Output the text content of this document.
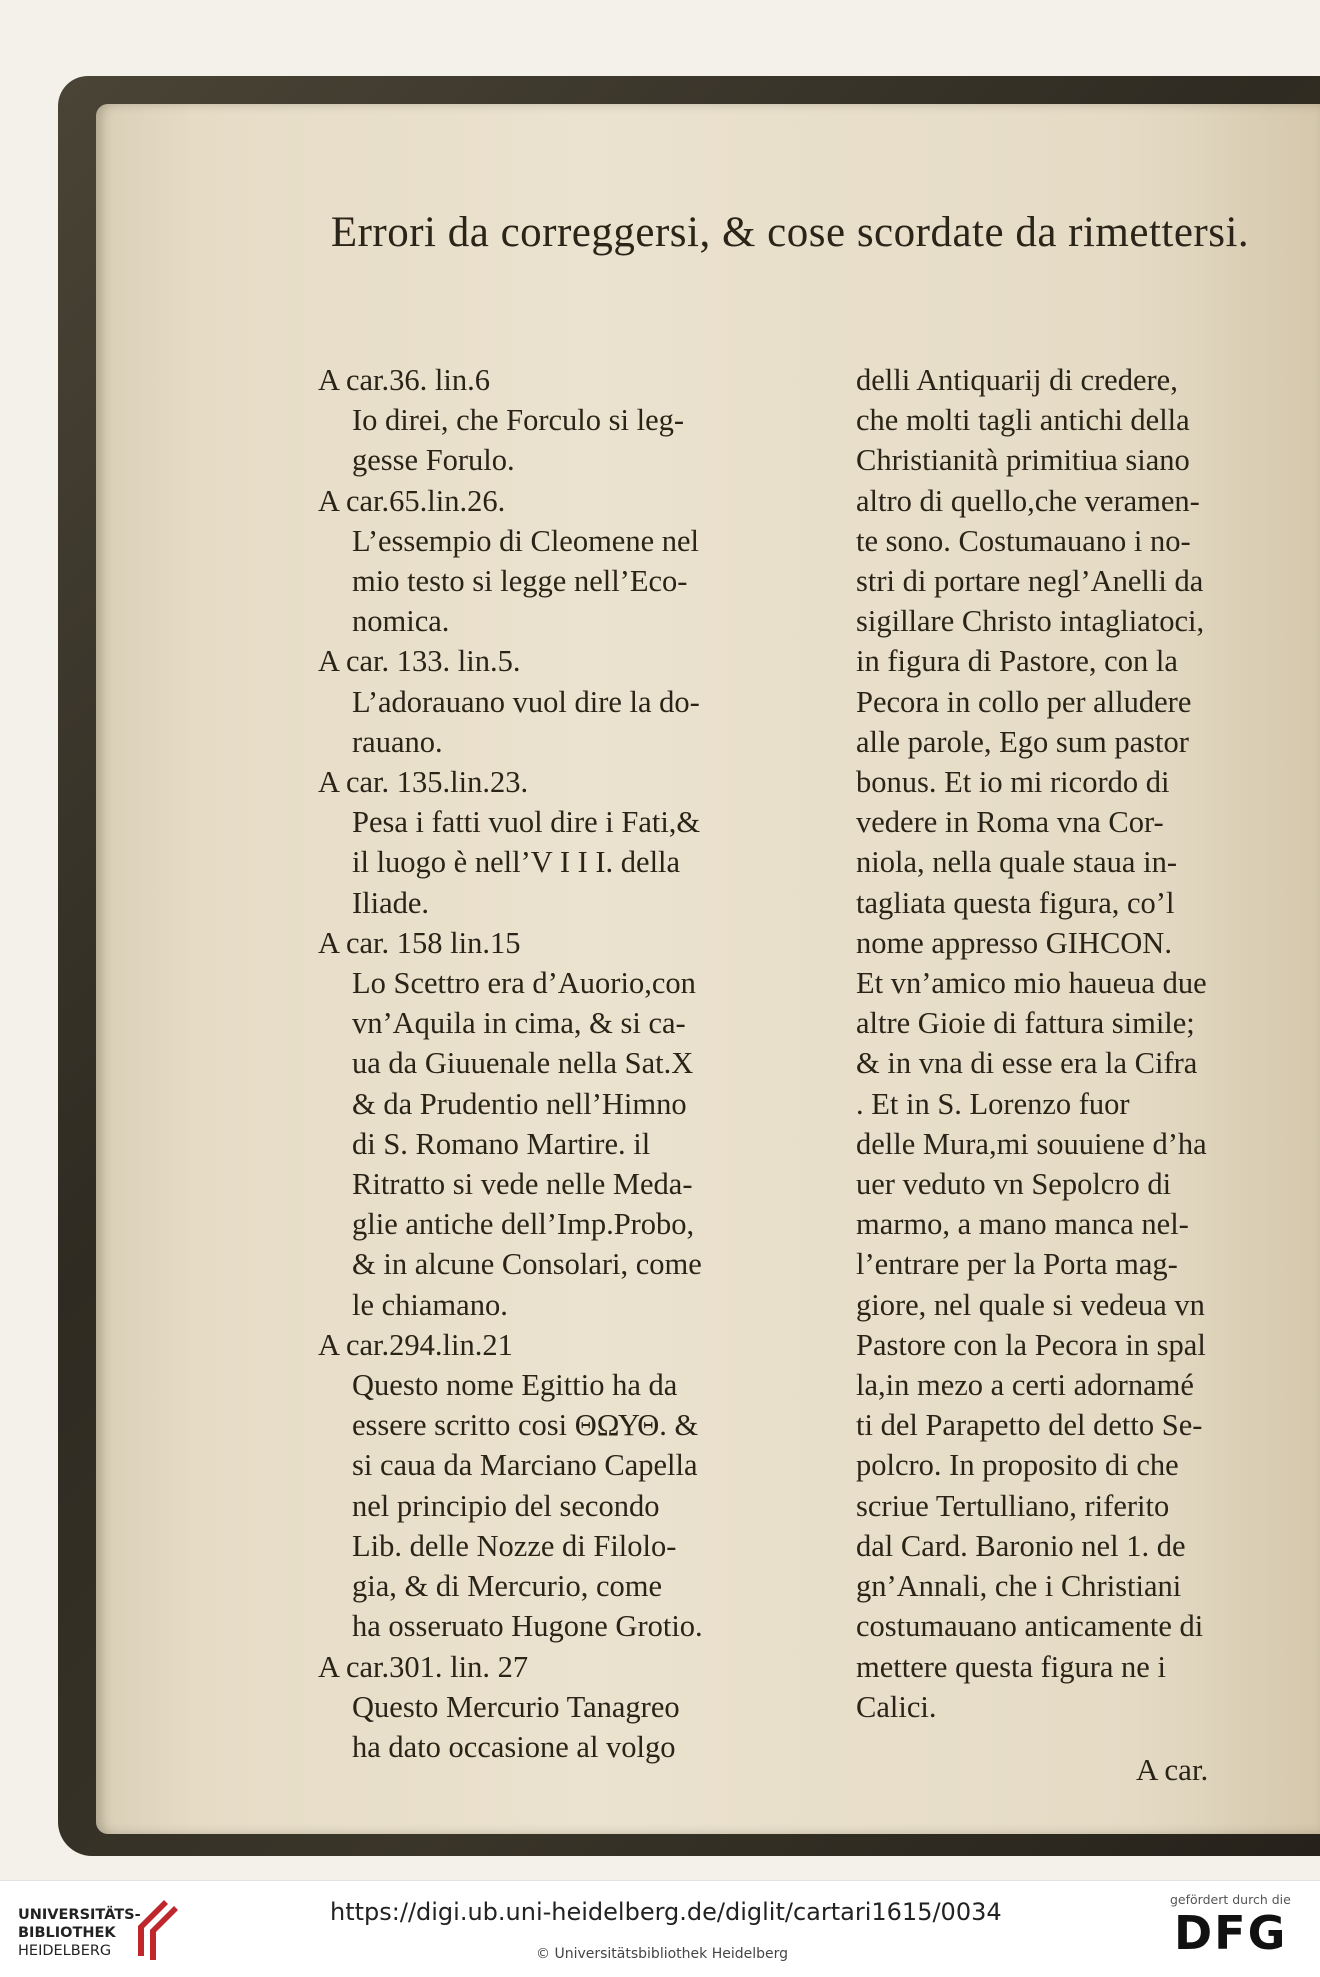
Errori da correggersi, & cose scordate da rimettersi.
A car.36. lin.6
Io direi, che Forculo si leg-
gesse Forulo.
A car.65.lin.26.
L’essempio di Cleomene nel
mio testo si legge nell’Eco-
nomica.
A car. 133. lin.5.
L’adorauano vuol dire la do-
rauano.
A car. 135.lin.23.
Pesa i fatti vuol dire i Fati,&
il luogo è nell’V I I I. della
Iliade.
A car. 158 lin.15
Lo Scettro era d’Auorio,con
vn’Aquila in cima, & si ca-
ua da Giuuenale nella Sat.X
& da Prudentio nell’Himno
di S. Romano Martire. il
Ritratto si vede nelle Meda-
glie antiche dell’Imp.Probo,
& in alcune Consolari, come
le chiamano.
A car.294.lin.21
Questo nome Egittio ha da
essere scritto cosi ΘΩΥΘ. &
si caua da Marciano Capella
nel principio del secondo
Lib. delle Nozze di Filolo-
gia, & di Mercurio, come
ha osseruato Hugone Grotio.
A car.301. lin. 27
Questo Mercurio Tanagreo
ha dato occasione al volgo
delli Antiquarij di credere,
che molti tagli antichi della
Christianità primitiua siano
altro di quello,che veramen-
te sono. Costumauano i no-
stri di portare negl’Anelli da
sigillare Christo intagliatoci,
in figura di Pastore, con la
Pecora in collo per alludere
alle parole, Ego sum pastor
bonus. Et io mi ricordo di
vedere in Roma vna Cor-
niola, nella quale staua in-
tagliata questa figura, co’l
nome appresso GIHCON.
Et vn’amico mio haueua due
altre Gioie di fattura simile;
& in vna di esse era la Cifra
. Et in S. Lorenzo fuor
delle Mura,mi souuiene d’ha
uer veduto vn Sepolcro di
marmo, a mano manca nel-
l’entrare per la Porta mag-
giore, nel quale si vedeua vn
Pastore con la Pecora in spal
la,in mezo a certi adornamé
ti del Parapetto del detto Se-
polcro. In proposito di che
scriue Tertulliano, riferito
dal Card. Baronio nel 1. de
gn’Annali, che i Christiani
costumauano anticamente di
mettere questa figura ne i
Calici.
A car.
UNIVERSITÄTS-
BIBLIOTHEK
HEIDELBERG
https://digi.ub.uni-heidelberg.de/diglit/cartari1615/0034
© Universitätsbibliothek Heidelberg
gefördert durch die
DFG
